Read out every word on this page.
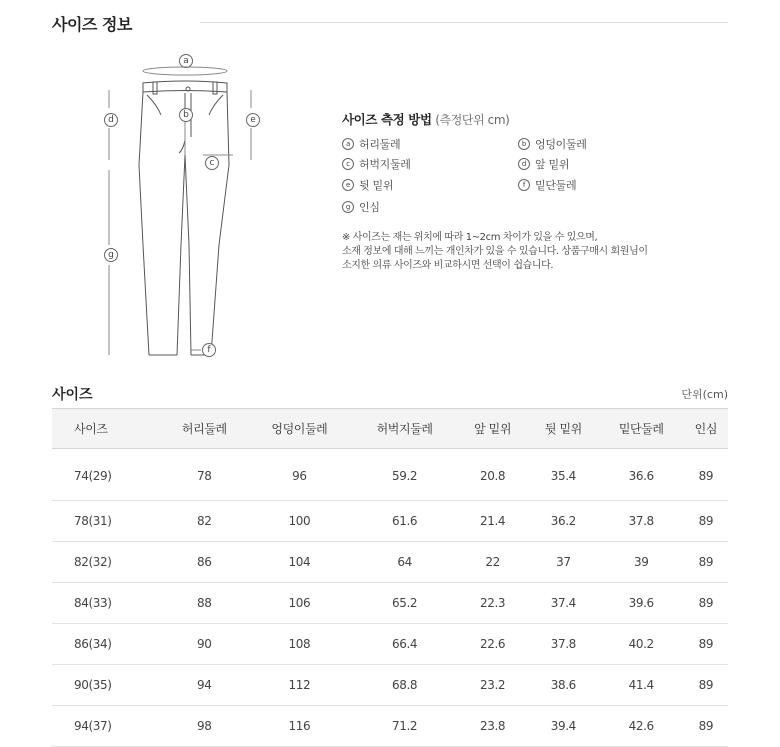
사이즈 정보
a
b
c
d	e
f
g
사이즈 측정 방법 (측정단위 cm)
a 허리둘레	b 엉덩이둘레
c 허벅지둘레	d 앞 밑위
e 뒷 밑위	f 밑단둘레
g 인심
※ 사이즈는 재는 위치에 따라 1~2cm 차이가 있을 수 있으며,
소재 정보에 대해 느끼는 개인차가 있을 수 있습니다. 상품구매시 회원님이
소지한 의류 사이즈와 비교하시면 선택이 쉽습니다.
사이즈	단위(cm)
사이즈	허리둘레	엉덩이둘레	허벅지둘레	앞 밑위	뒷 밑위	밑단둘레	인심
74(29)	78	96	59.2	20.8	35.4	36.6	89
78(31)	82	100	61.6	21.4	36.2	37.8	89
82(32)	86	104	64	22	37	39	89
84(33)	88	106	65.2	22.3	37.4	39.6	89
86(34)	90	108	66.4	22.6	37.8	40.2	89
90(35)	94	112	68.8	23.2	38.6	41.4	89
94(37)	98	116	71.2	23.8	39.4	42.6	89
